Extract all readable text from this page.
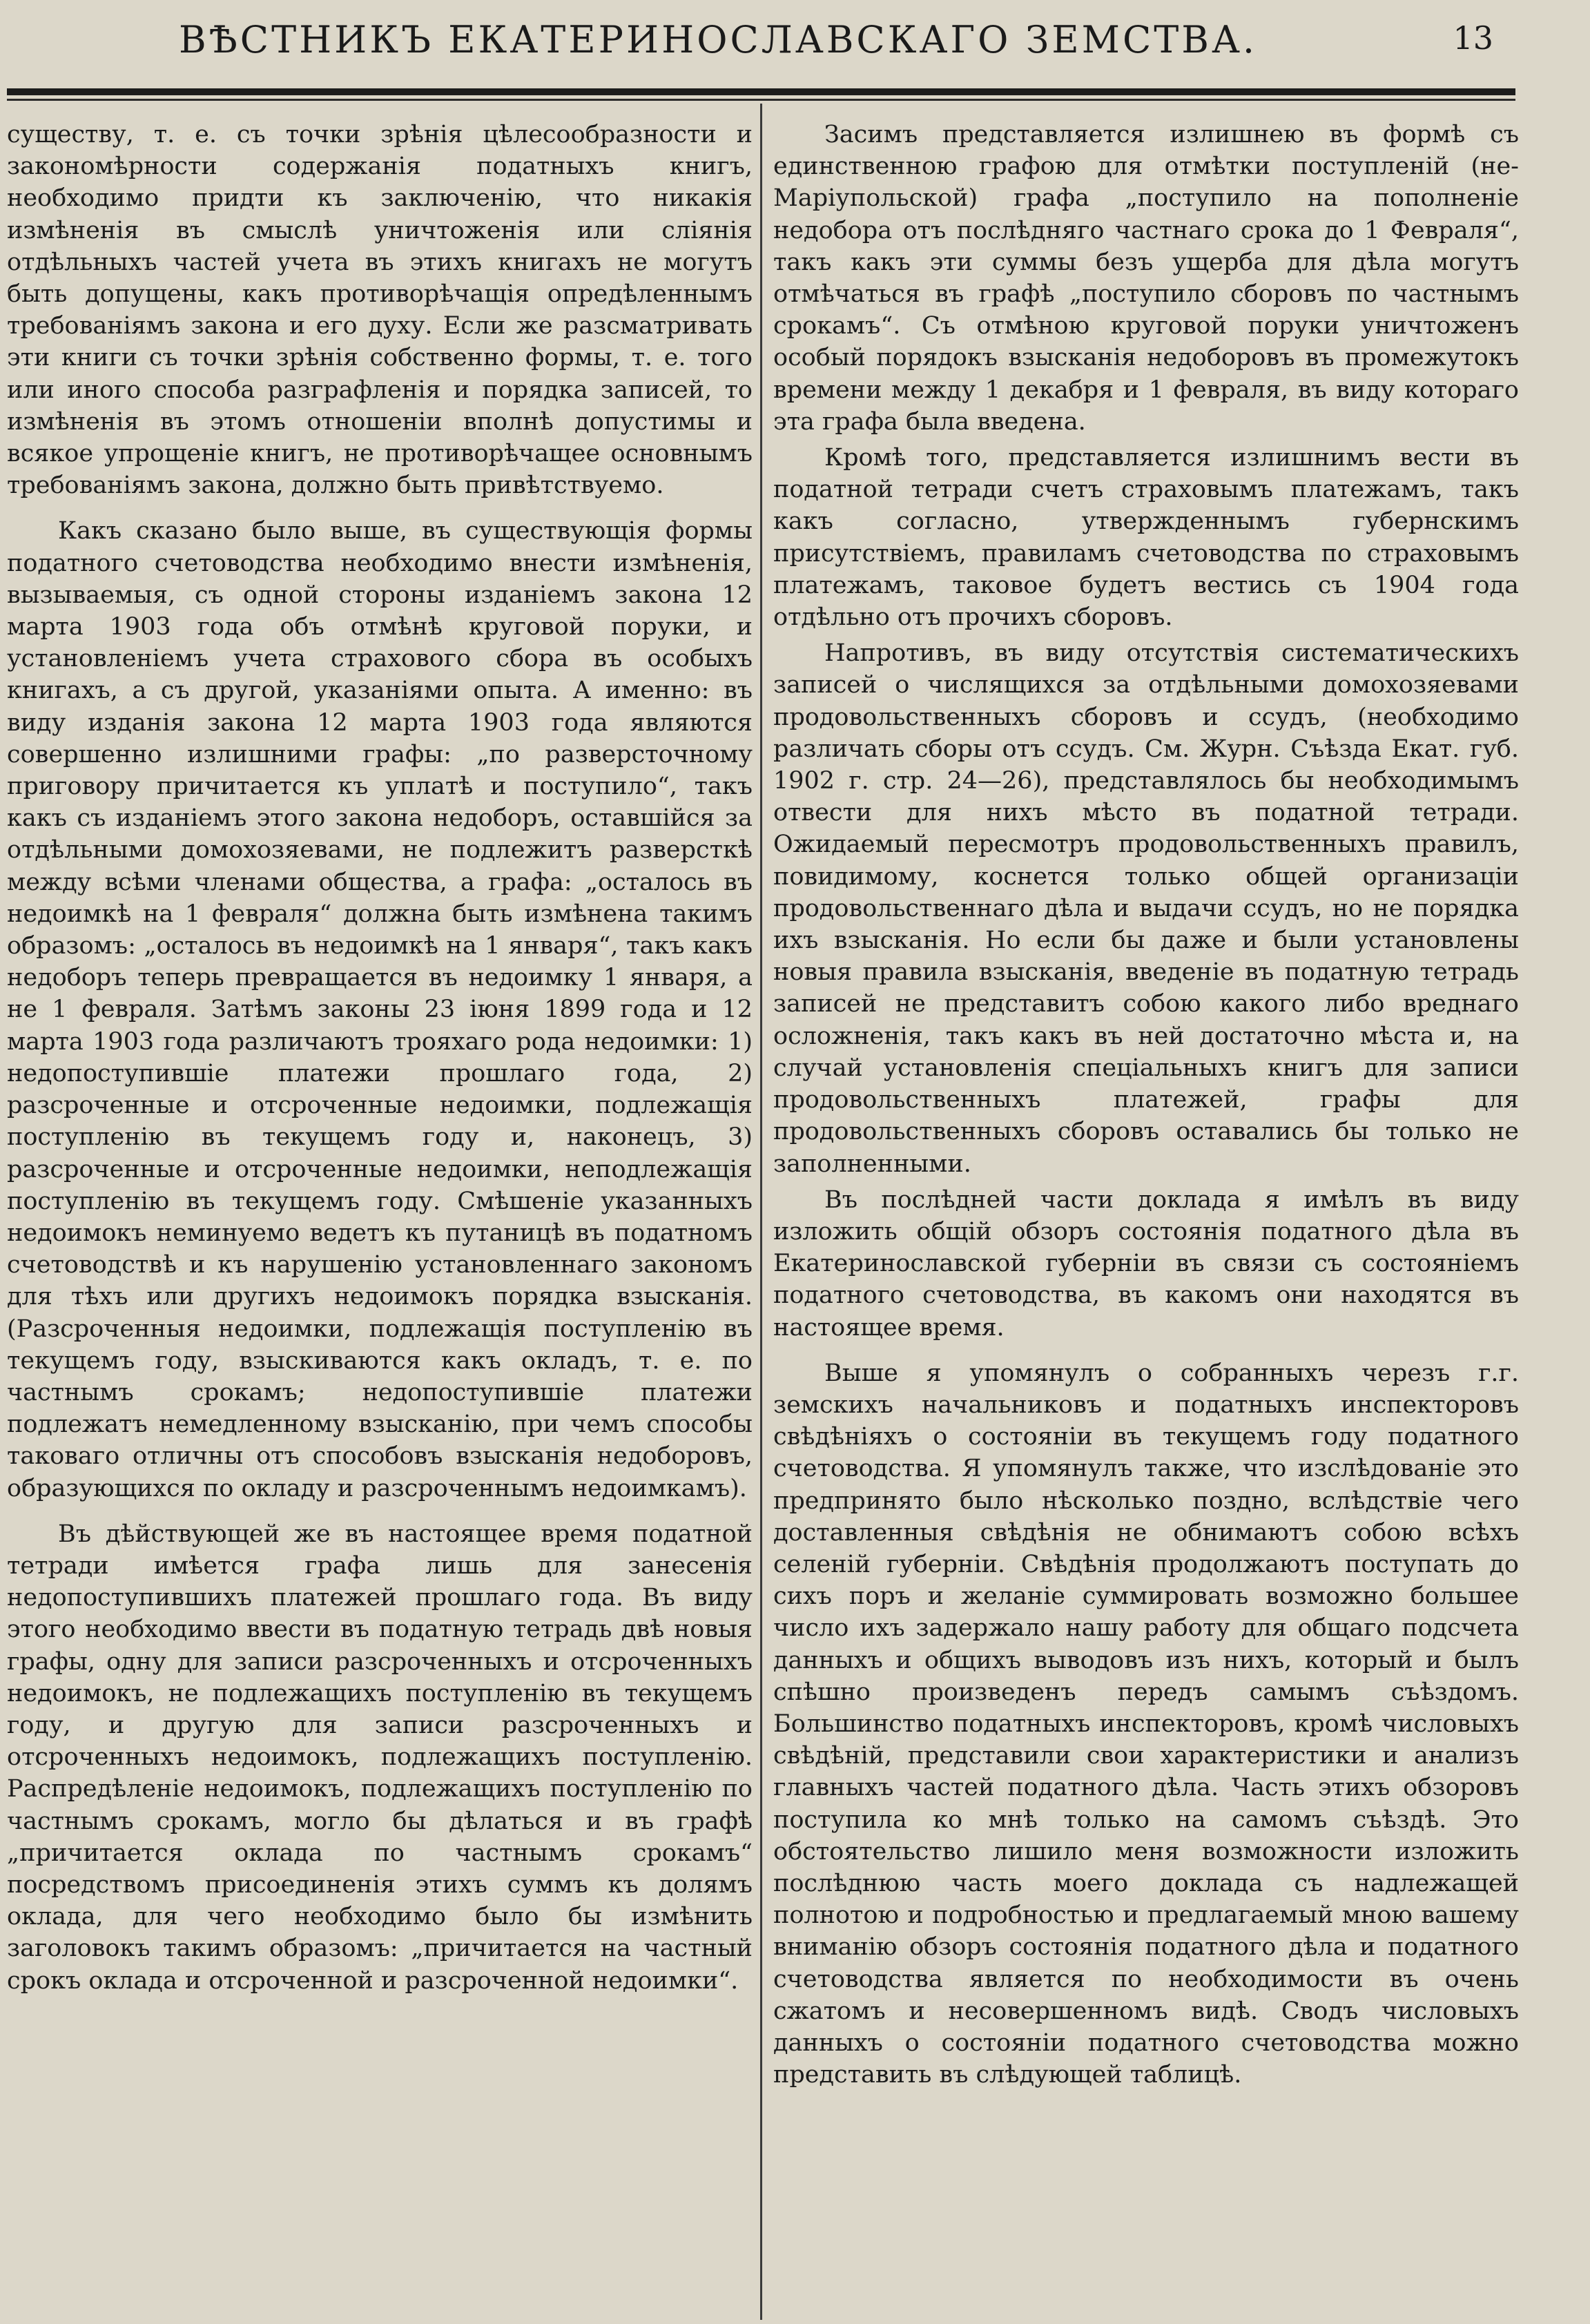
ВѢСТНИКЪ ЕКАТЕРИНОСЛАВСКАГО ЗЕМСТВА.	13

существу, т. е. съ точки зрѣнія цѣлесообразности и закономѣрности содержанія податныхъ книгъ, необходимо придти къ заключенію, что никакія измѣненія въ смыслѣ уничтоженія или слiянія отдѣльныхъ частей учета въ этихъ книгахъ не могутъ быть допущены, какъ противорѣчащія опредѣленнымъ требованіямъ закона и его духу. Если же разсматривать эти книги съ точки зрѣнія собственно формы, т. е. того или иного способа разграфленія и порядка записей, то измѣненія въ этомъ отношеніи вполнѣ допустимы и всякое упрощеніе книгъ, не противорѣчащее основнымъ требованіямъ закона, должно быть привѣтствуемо.

Какъ сказано было выше, въ существующія формы податного счетоводства необходимо внести измѣненія, вызываемыя, съ одной стороны изданіемъ закона 12 марта 1903 года объ отмѣнѣ круговой поруки, и установленіемъ учета страхового сбора въ особыхъ книгахъ, а съ другой, указаніями опыта. А именно: въ виду изданія закона 12 марта 1903 года являются совершенно излишними графы: „по разверсточному приговору причитается къ уплатѣ и поступило“, такъ какъ съ изданіемъ этого закона недоборъ, оставшiйся за отдѣльными домохозяевами, не подлежитъ разверсткѣ между всѣми членами общества, а графа: „осталось въ недоимкѣ на 1 февраля“ должна быть измѣнена такимъ образомъ: „осталось въ недоимкѣ на 1 января“, такъ какъ недоборъ теперь превращается въ недоимку 1 января, а не 1 февраля. Затѣмъ законы 23 іюня 1899 года и 12 марта 1903 года различаютъ трояхаго рода недоимки: 1) недопоступившіе платежи прошлаго года, 2) разсроченные и отсроченные недоимки, подлежащія поступленію въ текущемъ году и, наконецъ, 3) разсроченные и отсроченные недоимки, неподлежащія поступленію въ текущемъ году. Смѣшеніе указанныхъ недоимокъ неминуемо ведетъ къ путаницѣ въ податномъ счетоводствѣ и къ нарушенію установленнаго закономъ для тѣхъ или другихъ недоимокъ порядка взысканія. (Разсроченныя недоимки, подлежащія поступленію въ текущемъ году, взыскиваются какъ окладъ, т. е. по частнымъ срокамъ; недопоступившіе платежи подлежатъ немедленному взысканію, при чемъ способы таковаго отличны отъ способовъ взысканія недоборовъ, образующихся по окладу и разсроченнымъ недоимкамъ).

Въ дѣйствующей же въ настоящее время податной тетради имѣется графа лишь для занесенія недопоступившихъ платежей прошлаго года. Въ виду этого необходимо ввести въ податную тетрадь двѣ новыя графы, одну для записи разсроченныхъ и отсроченныхъ недоимокъ, не подлежащихъ поступленію въ текущемъ году, и другую для записи разсроченныхъ и отсроченныхъ недоимокъ, подлежащихъ поступленію. Распредѣленіе недоимокъ, подлежащихъ поступленію по частнымъ срокамъ, могло бы дѣлаться и въ графѣ „причитается оклада по частнымъ срокамъ“ посредствомъ присоединенія этихъ суммъ къ долямъ оклада, для чего необходимо было бы измѣнить заголовокъ такимъ образомъ: „причитается на частный срокъ оклада и отсроченной и разсроченной недоимки“.

Засимъ представляется излишнею въ формѣ съ единственною графою для отмѣтки поступленій (не-Маріупольской) графа „поступило на пополненіе недобора отъ послѣдняго частнаго срока до 1 Февраля“, такъ какъ эти суммы безъ ущерба для дѣла могутъ отмѣчаться въ графѣ „поступило сборовъ по частнымъ срокамъ“. Съ отмѣною круговой поруки уничтоженъ особый порядокъ взысканія недоборовъ въ промежутокъ времени между 1 декабря и 1 февраля, въ виду котораго эта графа была введена.

Кромѣ того, представляется излишнимъ вести въ податной тетради счетъ страховымъ платежамъ, такъ какъ согласно, утвержденнымъ губернскимъ присутствіемъ, правиламъ счетоводства по страховымъ платежамъ, таковое будетъ вестись съ 1904 года отдѣльно отъ прочихъ сборовъ.

Напротивъ, въ виду отсутствія систематическихъ записей о числящихся за отдѣльными домохозяевами продовольственныхъ сборовъ и ссудъ, (необходимо различать сборы отъ ссудъ. См. Журн. Съѣзда Екат. губ. 1902 г. стр. 24—26), представлялось бы необходимымъ отвести для нихъ мѣсто въ податной тетради. Ожидаемый пересмотръ продовольственныхъ правилъ, повидимому, коснется только общей организаціи продовольственнаго дѣла и выдачи ссудъ, но не порядка ихъ взысканія. Но если бы даже и были установлены новыя правила взысканія, введеніе въ податную тетрадь записей не представитъ собою какого либо вреднаго осложненія, такъ какъ въ ней достаточно мѣста и, на случай установленія спеціальныхъ книгъ для записи продовольственныхъ платежей, графы для продовольственныхъ сборовъ оставались бы только не заполненными.

Въ послѣдней части доклада я имѣлъ въ виду изложить общій обзоръ состоянія податного дѣла въ Екатеринославской губерніи въ связи съ состояніемъ податного счетоводства, въ какомъ они находятся въ настоящее время.

Выше я упомянулъ о собранныхъ черезъ г.г. земскихъ начальниковъ и податныхъ инспекторовъ свѣдѣніяхъ о состояніи въ текущемъ году податного счетоводства. Я упомянулъ также, что изслѣдованіе это предпринято было нѣсколько поздно, вслѣдствіе чего доставленныя свѣдѣнія не обнимаютъ собою всѣхъ селеній губерніи. Свѣдѣнія продолжаютъ поступать до сихъ поръ и желаніе суммировать возможно большее число ихъ задержало нашу работу для общаго подсчета данныхъ и общихъ выводовъ изъ нихъ, который и былъ спѣшно произведенъ передъ самымъ съѣздомъ. Большинство податныхъ инспекторовъ, кромѣ числовыхъ свѣдѣній, представили свои характеристики и анализъ главныхъ частей податного дѣла. Часть этихъ обзоровъ поступила ко мнѣ только на самомъ съѣздѣ. Это обстоятельство лишило меня возможности изложить послѣднюю часть моего доклада съ надлежащей полнотою и подробностью и предлагаемый мною вашему вниманію обзоръ состоянія податного дѣла и податного счетоводства является по необходимости въ очень сжатомъ и несовершенномъ видѣ. Сводъ числовыхъ данныхъ о состояніи податного счетоводства можно представить въ слѣдующей таблицѣ.
